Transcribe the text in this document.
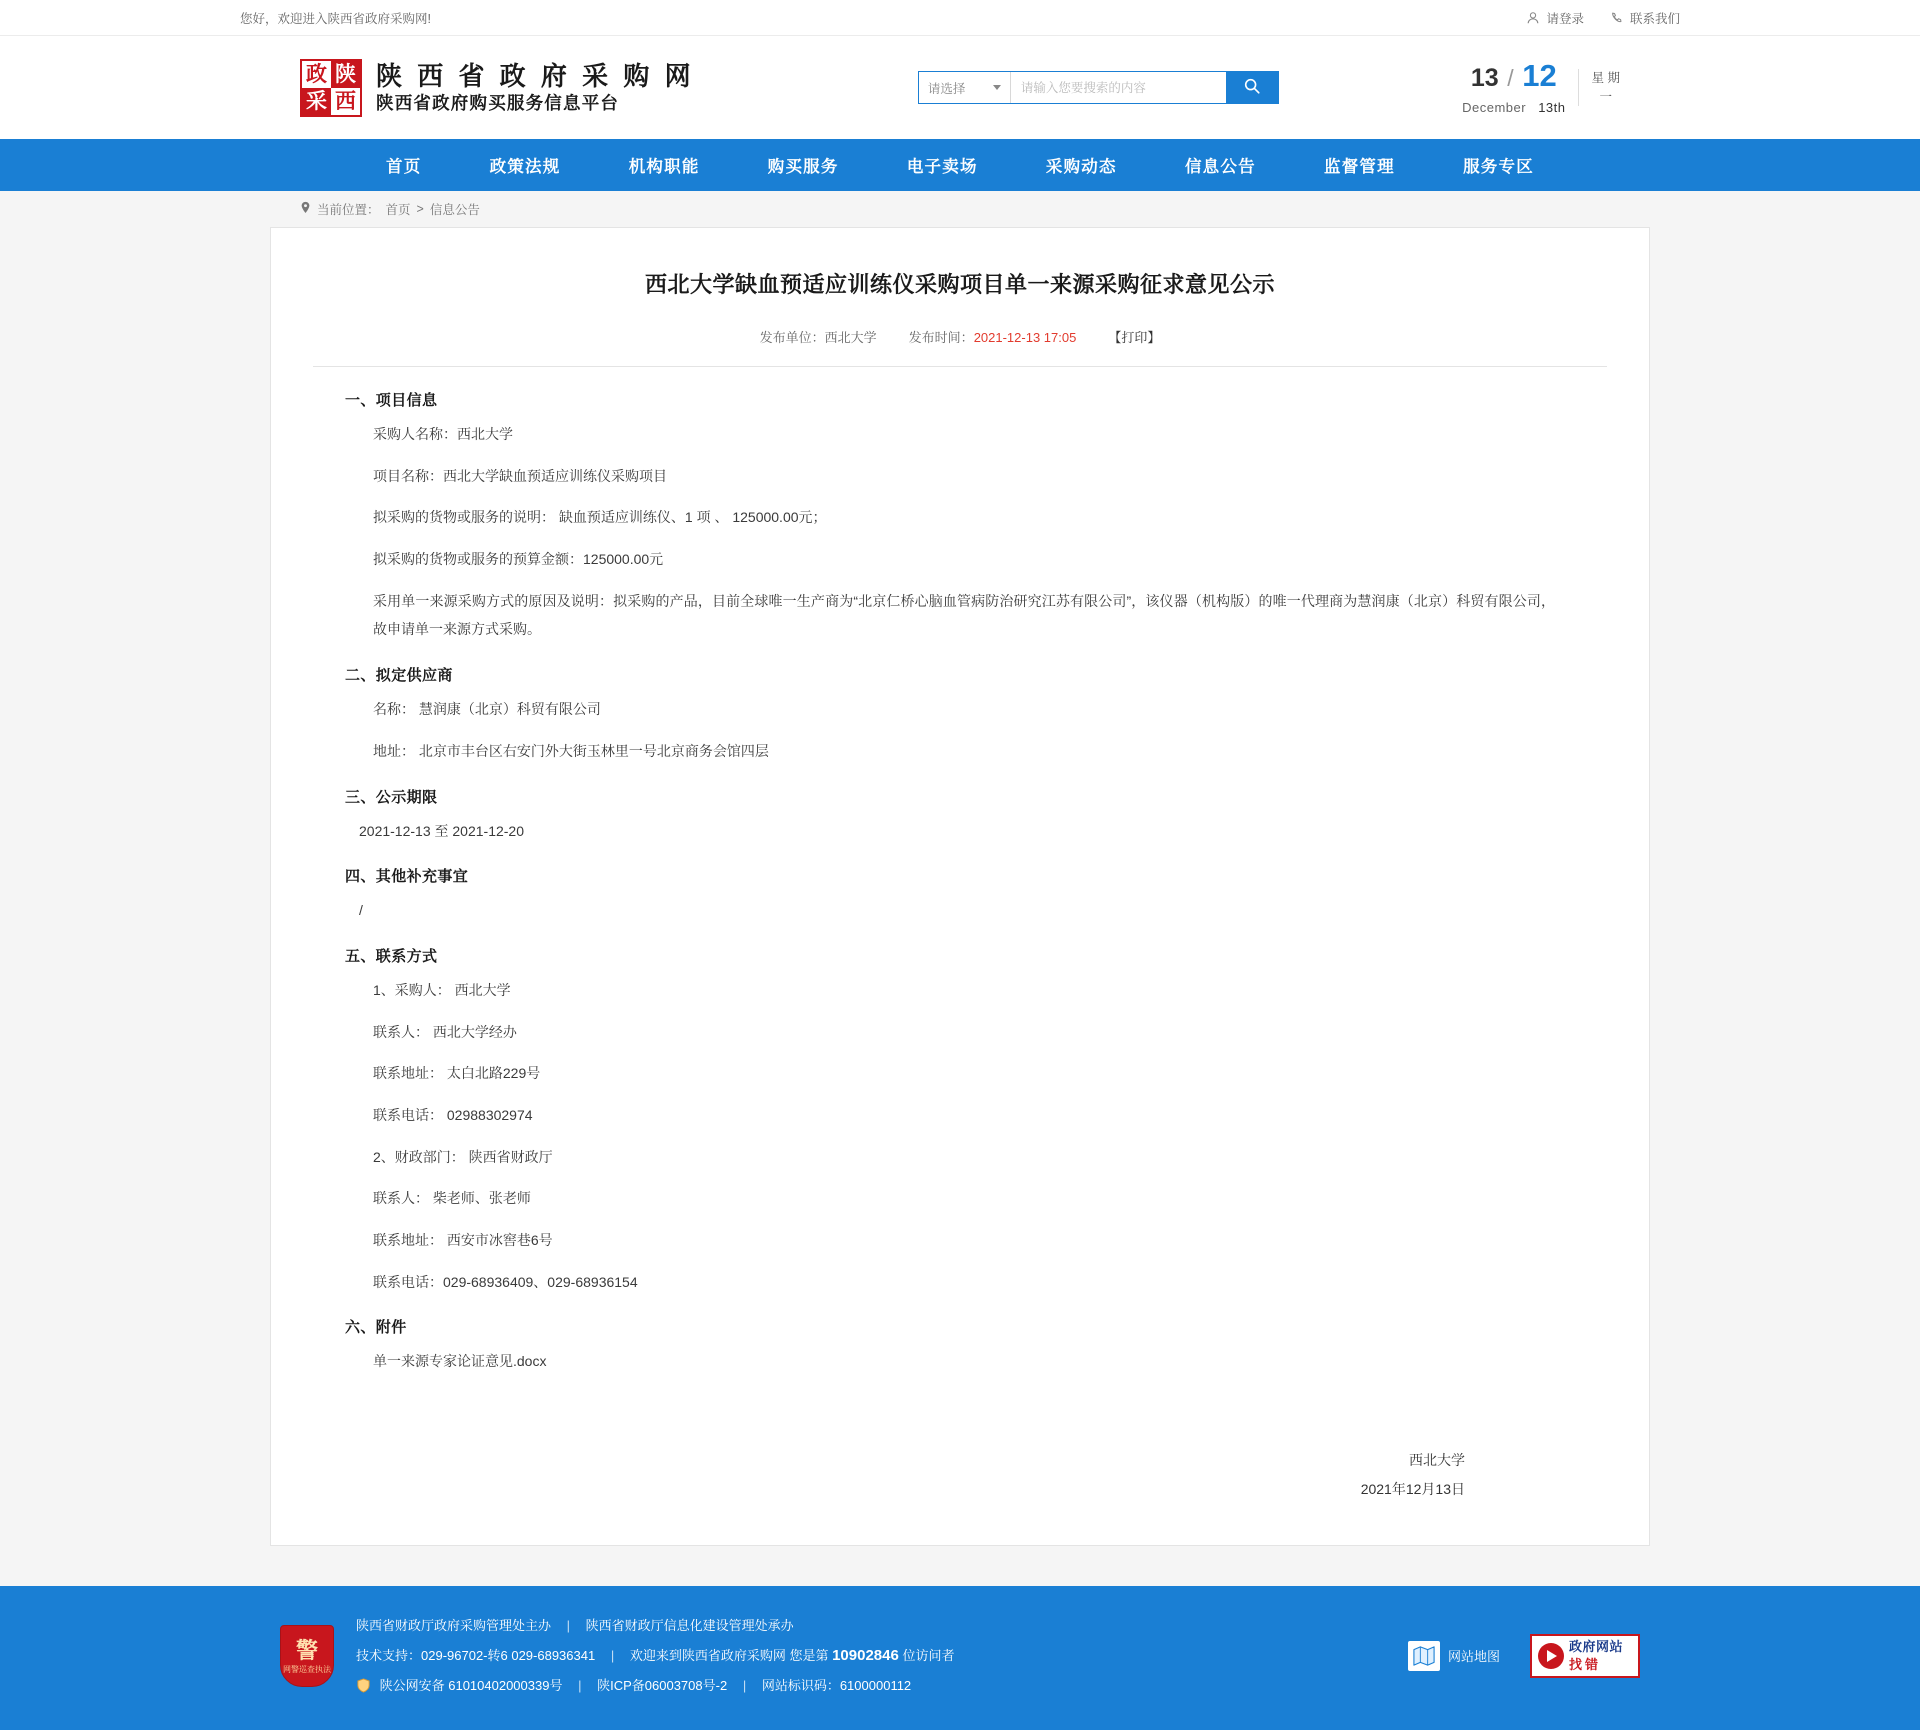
您好，欢迎进入陕西省政府采购网!	请登录	联系我们
政 陕
采 西
陕 西 省 政 府 采 购 网
陕西省政府购买服务信息平台
请选择
请输入您要搜索的内容	13 / 12
December 13th
星 期
一
首页	政策法规	机构职能	购买服务	电子卖场	采购动态	信息公告	监督管理	服务专区
当前位置： 首页 > 信息公告
西北大学缺血预适应训练仪采购项目单一来源采购征求意见公示
发布单位：西北大学 发布时间：2021-12-13 17:05 【打印】
一、项目信息

采购人名称：西北大学

项目名称：西北大学缺血预适应训练仪采购项目

拟采购的货物或服务的说明： 缺血预适应训练仪、1 项 、 125000.00元；

拟采购的货物或服务的预算金额：125000.00元

采用单一来源采购方式的原因及说明：拟采购的产品，目前全球唯一生产商为“北京仁桥心脑血管病防治研究江苏有限公司”，该仪器（机构版）的唯一代理商为慧润康（北京）科贸有限公司，故申请单一来源方式采购。

二、拟定供应商

名称： 慧润康（北京）科贸有限公司

地址： 北京市丰台区右安门外大街玉林里一号北京商务会馆四层

三、公示期限

2021-12-13 至 2021-12-20

四、其他补充事宜

/

五、联系方式

1、采购人： 西北大学

联系人： 西北大学经办

联系地址： 太白北路229号

联系电话： 02988302974

2、财政部门： 陕西省财政厅

联系人： 柴老师、张老师

联系地址： 西安市冰窖巷6号

联系电话：029-68936409、029-68936154

六、附件

单一来源专家论证意见.docx

西北大学
2021年12月13日
警
网警巡查执法
陕西省财政厅政府采购管理处主办 | 陕西省财政厅信息化建设管理处承办
技术支持：029-96702-转6 029-68936341 | 欢迎来到陕西省政府采购网 您是第 10902846 位访问者
陕公网安备 61010402000339号 | 陕ICP备06003708号-2 | 网站标识码：6100000112
网站地图
政府网站
找错
